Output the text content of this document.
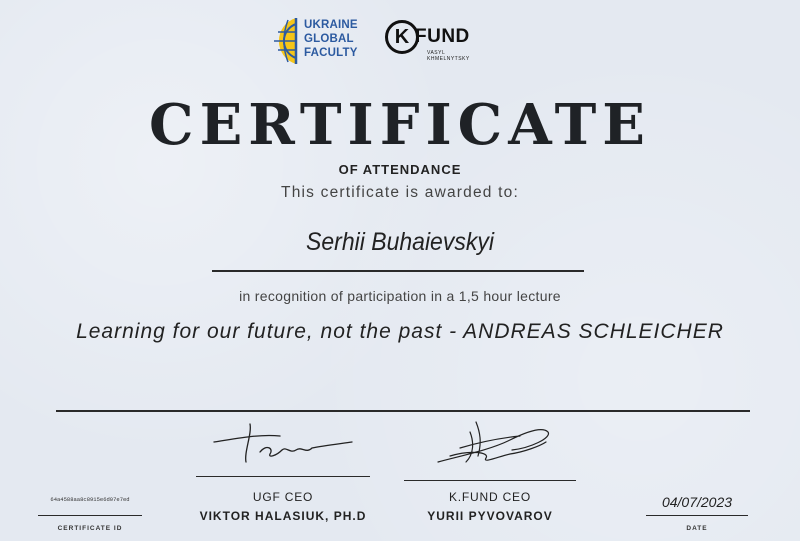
UKRAINE
GLOBAL
FACULTY
K FUND
VASYL
KHMELNYTSKY
CERTIFICATE
OF ATTENDANCE
This certificate is awarded to:
Serhii Buhaievskyi
in recognition of participation in a 1,5 hour lecture
Learning for our future, not the past - ANDREAS SCHLEICHER
UGF CEO
VIKTOR HALASIUK, PH.D
K.FUND CEO
YURII PYVOVAROV
64a4588aa8c8915e6d07e7ed
CERTIFICATE ID
04/07/2023
DATE
